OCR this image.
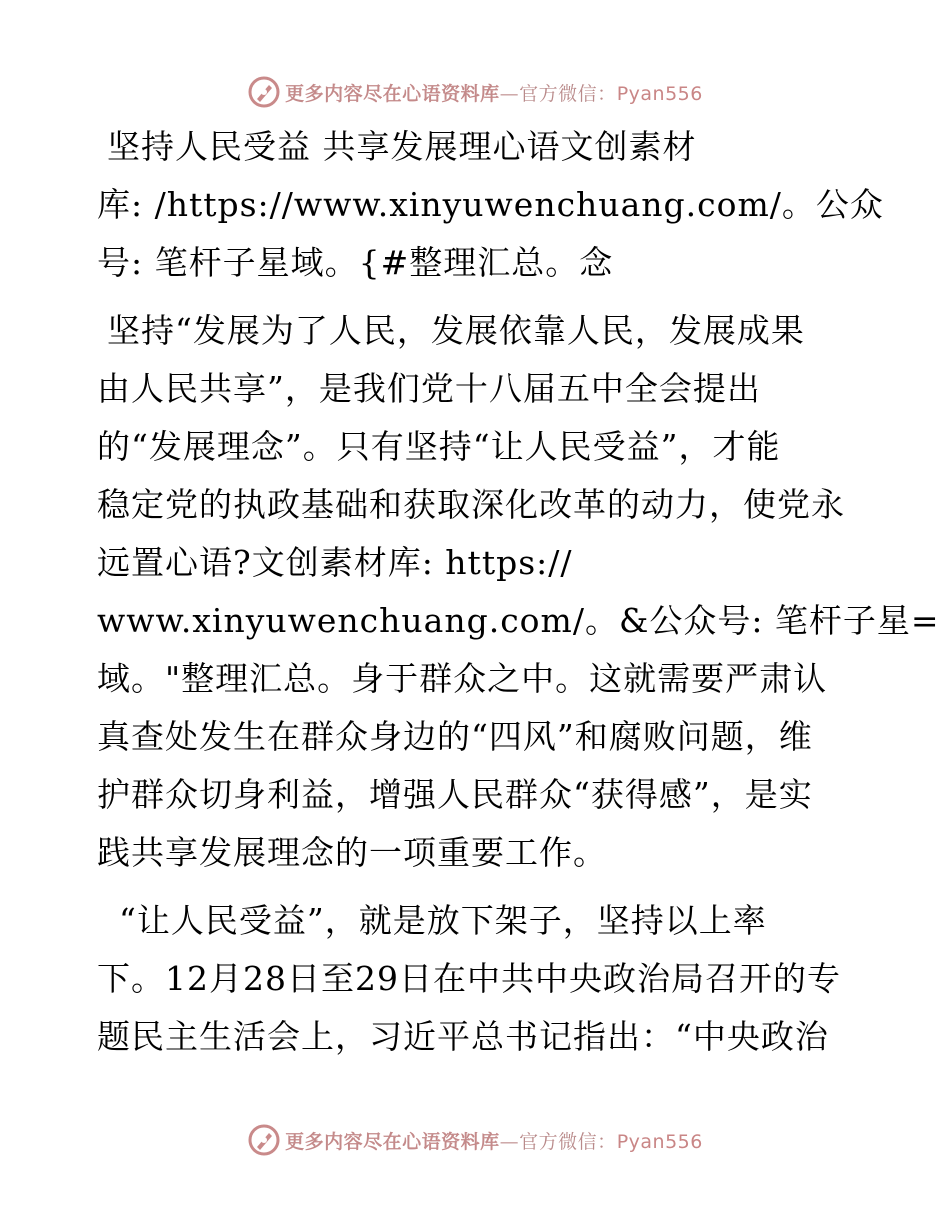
更多内容尽在心语资料库—官方微信：Pyan556
坚持人民受益 共享发展理心语文创素材
库: /https://www.xinyuwenchuang.com/。公众
号: 笔杆子星域。{#整理汇总。念
坚持“发展为了人民，发展依靠人民，发展成果
由人民共享”，是我们党十八届五中全会提出
的“发展理念”。只有坚持“让人民受益”，才能
稳定党的执政基础和获取深化改革的动力，使党永
远置心语?文创素材库: https://
www.xinyuwenchuang.com/。&公众号: 笔杆子星=
域。"整理汇总。身于群众之中。这就需要严肃认
真查处发生在群众身边的“四风”和腐败问题，维
护群众切身利益，增强人民群众“获得感”，是实
践共享发展理念的一项重要工作。
“让人民受益”，就是放下架子，坚持以上率
下。12月28日至29日在中共中央政治局召开的专
题民主生活会上，习近平总书记指出：“中央政治
更多内容尽在心语资料库—官方微信：Pyan556
